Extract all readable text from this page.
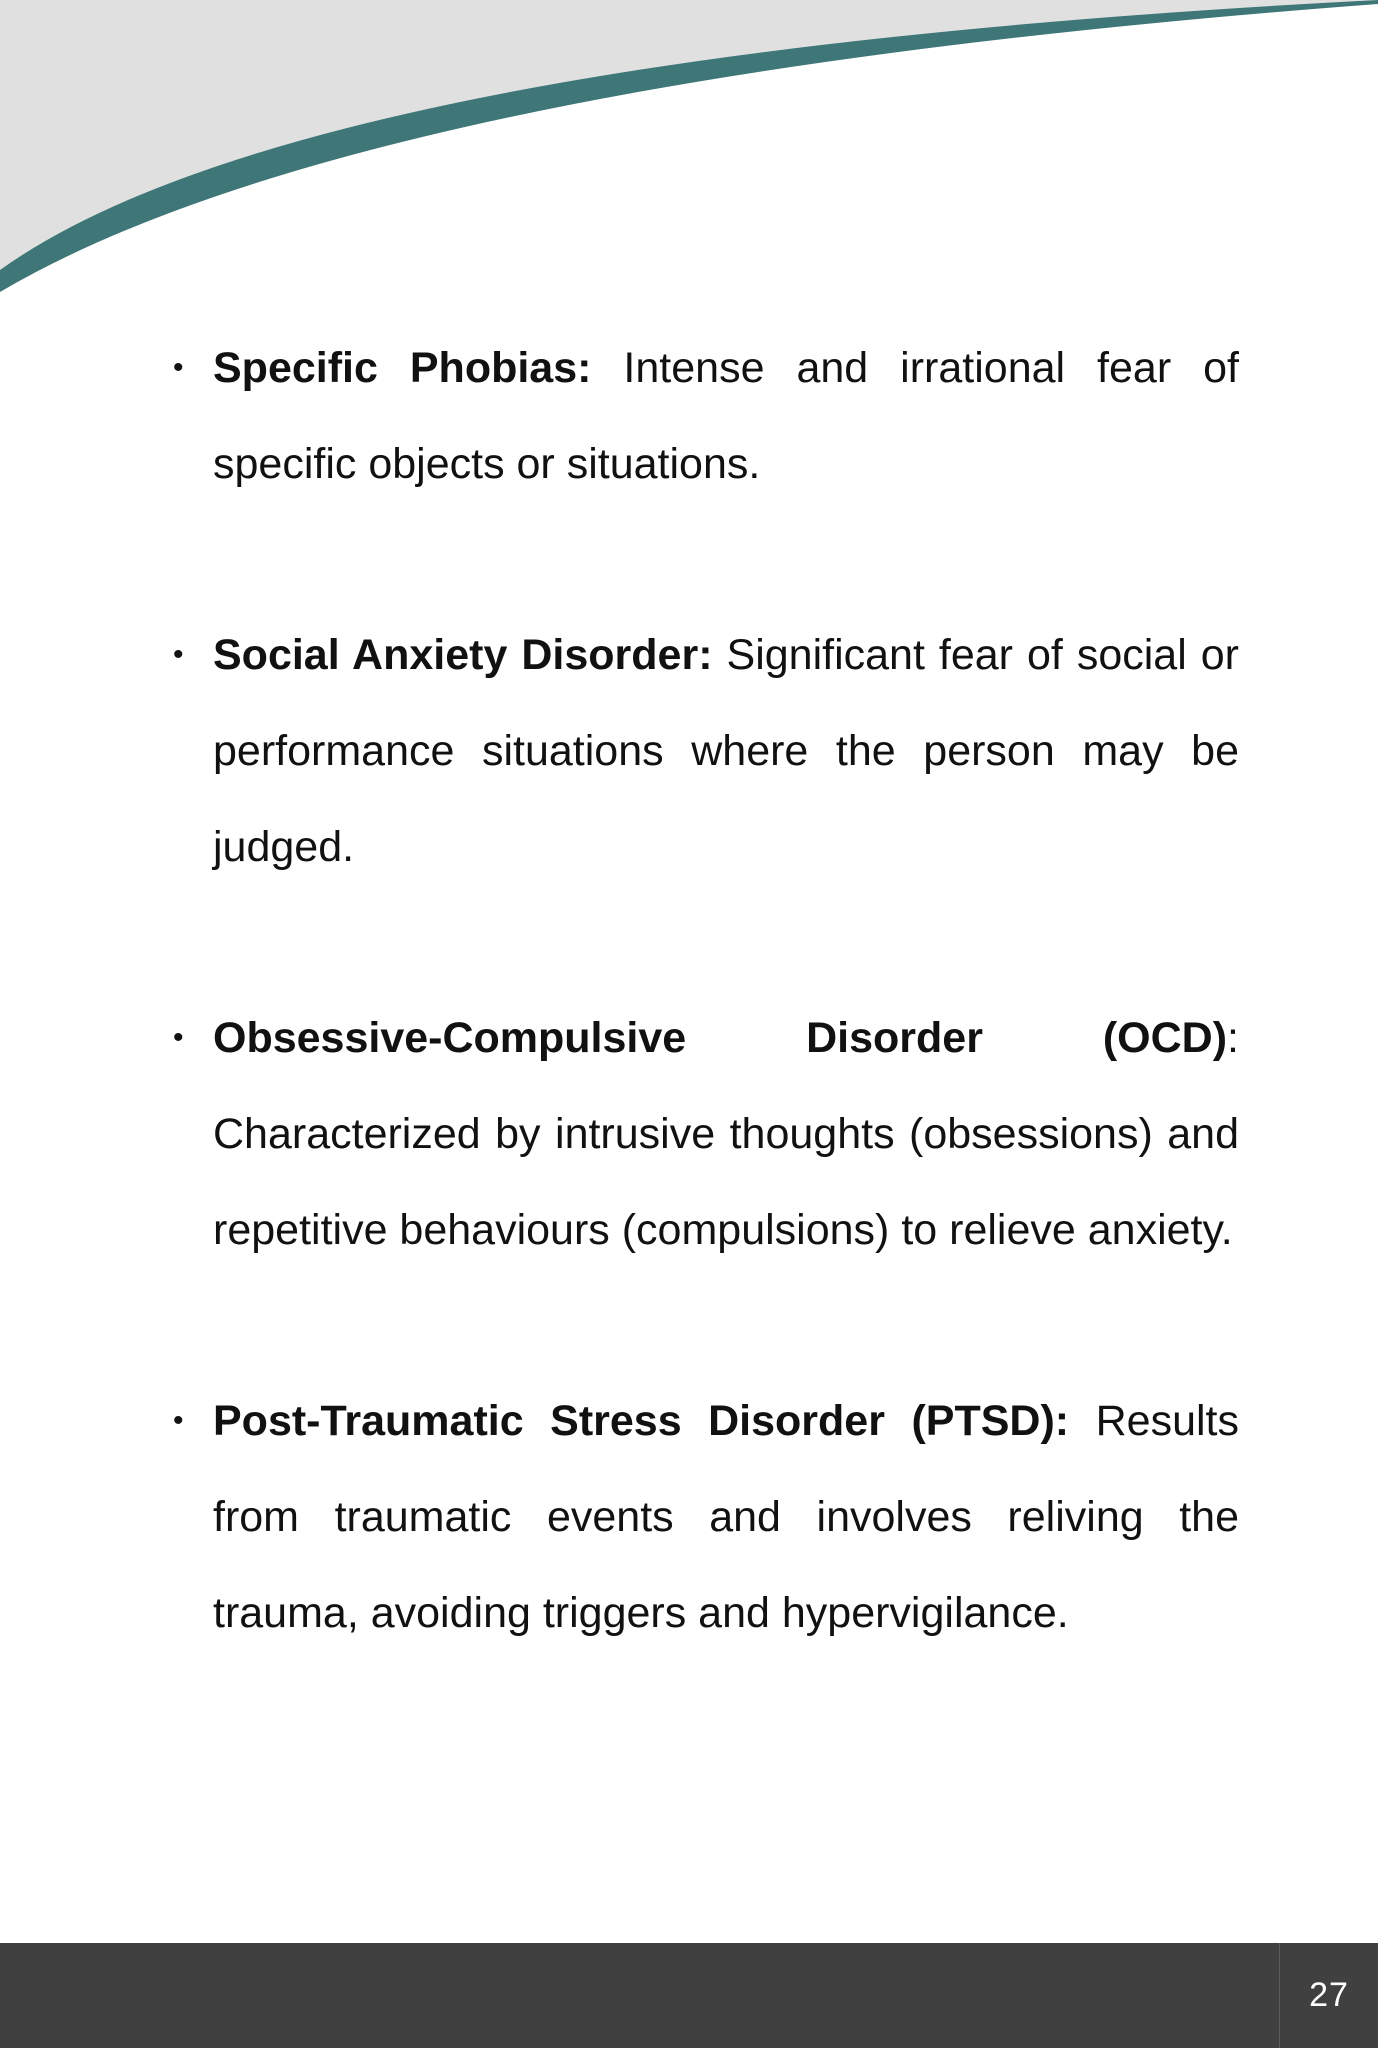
• Specific Phobias: Intense and irrational fear of specific objects or situations.

• Social Anxiety Disorder: Significant fear of social or performance situations where the person may be judged.

• Obsessive-Compulsive Disorder (OCD): Characterized by intrusive thoughts (obsessions) and repetitive behaviours (compulsions) to relieve anxiety.

• Post-Traumatic Stress Disorder (PTSD): Results from traumatic events and involves reliving the trauma, avoiding triggers and hypervigilance.

27
